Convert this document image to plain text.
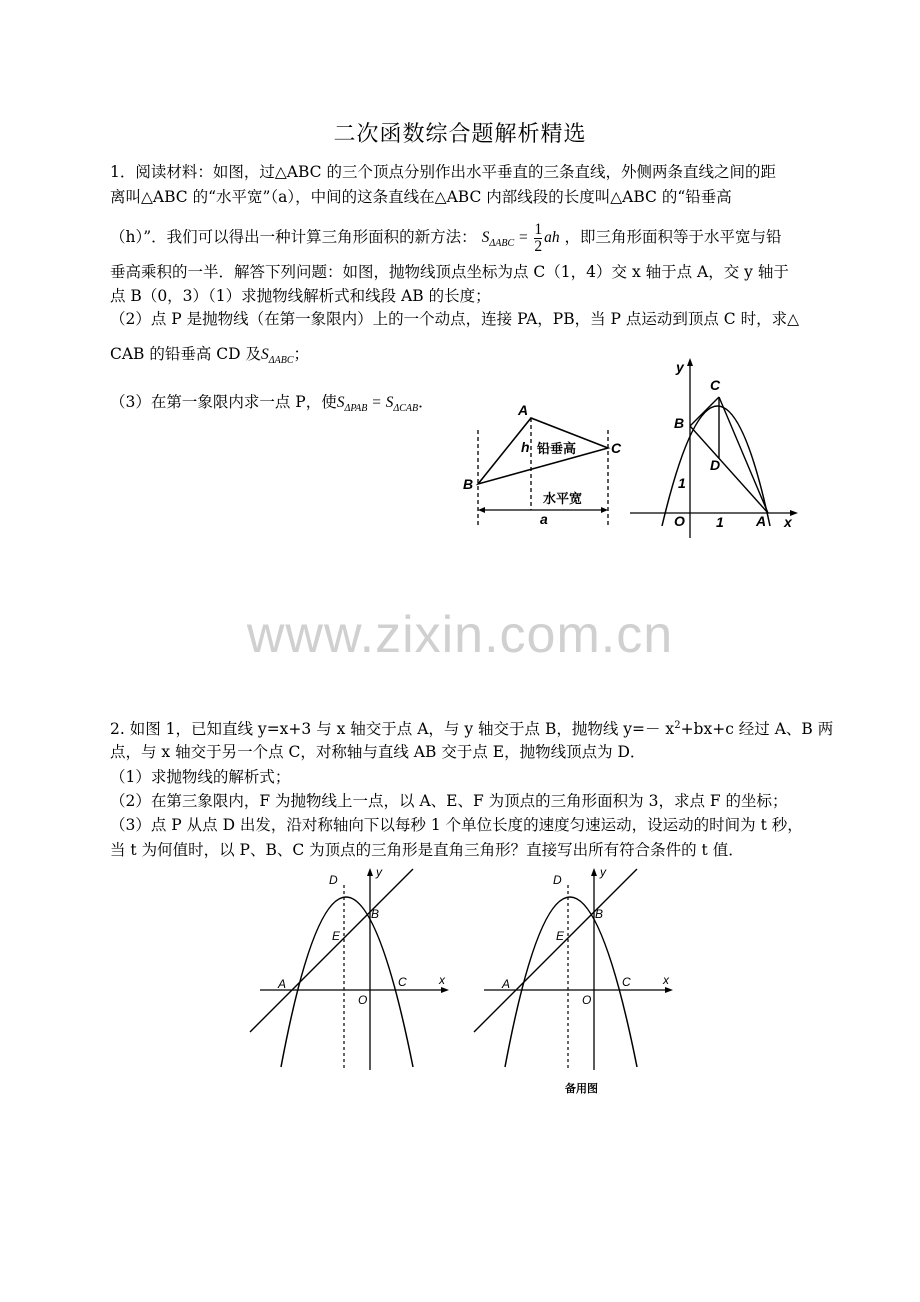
二次函数综合题解析精选
1．阅读材料：如图，过△ABC 的三个顶点分别作出水平垂直的三条直线，外侧两条直线之间的距
离叫△ABC 的“水平宽”（a），中间的这条直线在△ABC 内部线段的长度叫△ABC 的“铅垂高
（h）”．我们可以得出一种计算三角形面积的新方法： $S_{\Delta ABC} = \frac{1}{2}$ ah ，即三角形面积等于水平宽与铅
垂高乘积的一半．解答下列问题：如图，抛物线顶点坐标为点 C（1，4）交 x 轴于点 A，交 y 轴于
点 B（0，3）（1）求抛物线解析式和线段 AB 的长度；
（2）点 P 是抛物线（在第一象限内）上的一个动点，连接 PA，PB，当 P 点运动到顶点 C 时，求△
CAB 的铅垂高 CD 及$S_{\Delta ABC}$；
（3）在第一象限内求一点 P，使$S_{\Delta PAB} = S_{\Delta CAB}$．	A
B
C
h 铅垂高
水平宽
a
y
x
C
B
D
A
O 1
1
www.zixin.com.cn
2. 如图 1，已知直线 y=x+3 与 x 轴交于点 A，与 y 轴交于点 B，抛物线 $y=- x^2+bx+c$ 经过 A、B 两
点，与 x 轴交于另一个点 C，对称轴与直线 AB 交于点 E，抛物线顶点为 D．
（1）求抛物线的解析式；
（2）在第三象限内，F 为抛物线上一点，以 A、E、F 为顶点的三角形面积为 3，求点 F 的坐标；
（3）点 P 从点 D 出发，沿对称轴向下以每秒 1 个单位长度的速度匀速运动，设运动的时间为 t 秒，
当 t 为何值时，以 P、B、C 为顶点的三角形是直角三角形？直接写出所有符合条件的 t 值．
D
B
E
A
O
C	x
y
D
B
E
A
O
C	x
y
备用图
